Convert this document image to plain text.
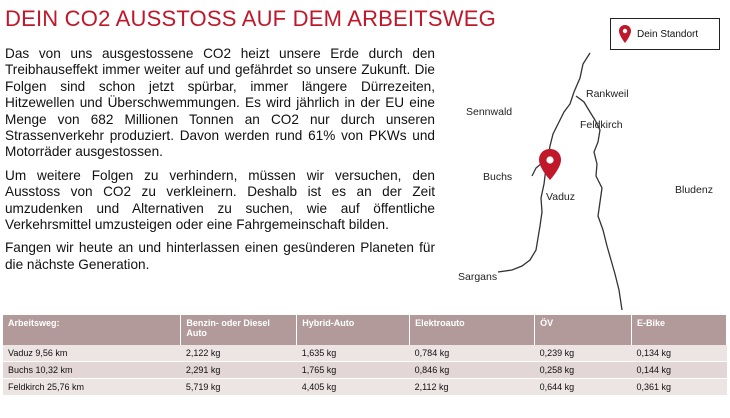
DEIN CO2 AUSSTOSS AUF DEM ARBEITSWEG

Das von uns ausgestossene CO2 heizt unsere Erde durch den Treibhauseffekt immer weiter auf und gefährdet so unsere Zukunft. Die Folgen sind schon jetzt spürbar, immer längere Dürrezeiten, Hitzewellen und Überschwemmungen. Es wird jährlich in der EU eine Menge von 682 Millionen Tonnen an CO2 nur durch unseren Strassenverkehr produziert. Davon werden rund 61% von PKWs und Motorräder ausgestossen.

Um weitere Folgen zu verhindern, müssen wir versuchen, den Ausstoss von CO2 zu verkleinern. Deshalb ist es an der Zeit umzudenken und Alternativen zu suchen, wie auf öffentliche Verkehrsmittel umzusteigen oder eine Fahrgemeinschaft bilden.

Fangen wir heute an und hinterlassen einen gesünderen Planeten für die nächste Generation.

Sennwald
Rankweil
Feldkirch
Buchs
Vaduz
Bludenz
Sargans
Dein Standort
Arbeitsweg:	Benzin- oder Diesel Auto	Hybrid-Auto	Elektroauto	ÖV	E-Bike
Vaduz 9,56 km	2,122 kg	1,635 kg	0,784 kg	0,239 kg	0,134 kg
Buchs 10,32 km	2,291 kg	1,765 kg	0,846 kg	0,258 kg	0,144 kg
Feldkirch 25,76 km	5,719 kg	4,405 kg	2,112 kg	0,644 kg	0,361 kg
